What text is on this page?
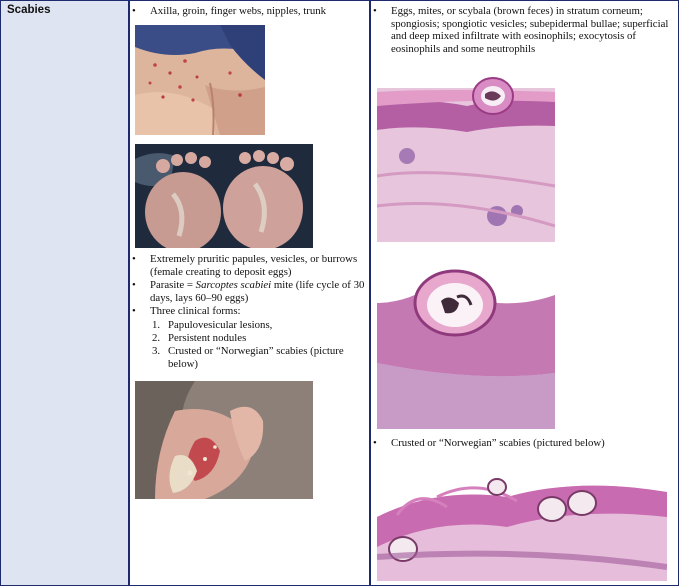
Scabies	• Axilla, groin, finger webs, nipples, trunk
• Extremely pruritic papules, vesicles, or burrows (female creating to deposit eggs)
• Parasite = Sarcoptes scabiei mite (life cycle of 30 days, lays 60–90 eggs)
• Three clinical forms:
1. Papulovesicular lesions,
2. Persistent nodules
3. Crusted or “Norwegian” scabies (picture below)
• Eggs, mites, or scybala (brown feces) in stratum corneum; spongiosis; spongiotic vesicles; subepidermal bullae; superficial and deep mixed infiltrate with eosinophils; exocytosis of eosinophils and some neutrophils
• Crusted or “Norwegian” scabies (pictured below)
